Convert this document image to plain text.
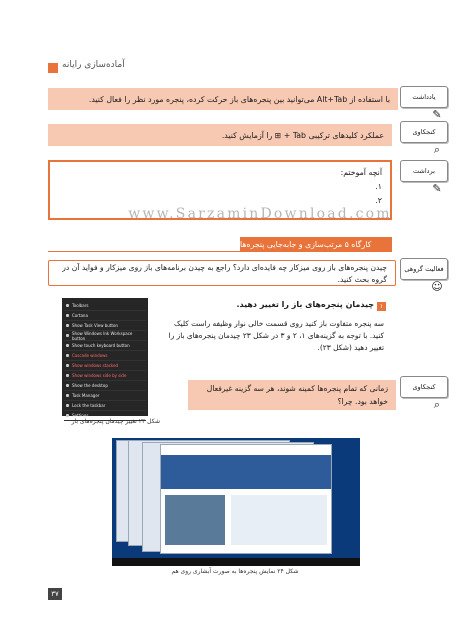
آماده‌سازی رایانه
یادداشت
✎
کنجکاوی
⌕
برداشت
✎
فعالیت گروهی
☺
کنجکاوی
⌕
با استفاده از Alt+Tab می‌توانید بین پنجره‌های باز حرکت کرده، پنجره مورد نظر را فعال کنید.
عملکرد کلیدهای ترکیبی Tab + ⊞ را آزمایش کنید.
آنچه آموختم:
۱.
۲.
www.SarzaminDownload.com
کارگاه ۵ مرتب‌سازی و جابه‌جایی پنجره‌ها
چیدن پنجره‌های باز روی میزکار چه فایده‌ای دارد؟ راجع به چیدن برنامه‌های باز روی میزکار و فواید آن در گروه بحث کنید.
Toolbars
Cortana
Show Task View button
Show Windows Ink Workspace button
Show touch keyboard button
Cascade windows
Show windows stacked
Show windows side by side
Show the desktop
Task Manager
Lock the taskbar
Settings
شکل ۲۳ تغییر چیدمان پنجره‌های باز
۱
چیدمان پنجره‌های باز را تغییر دهید.
سه پنجره متفاوت باز کنید روی قسمت خالی نوار وظیفه راست کلیک کنید. با توجه به گزینه‌های ۱، ۲ و ۳ در شکل ۲۳ چیدمان پنجره‌های باز را تغییر دهید (شکل ۲۳).
زمانی که تمام پنجره‌ها کمینه شوند، هر سه گزینه غیرفعال خواهد بود. چرا؟
شکل ۲۴ نمایش پنجره‌ها به صورت آبشاری روی هم
۳۷
